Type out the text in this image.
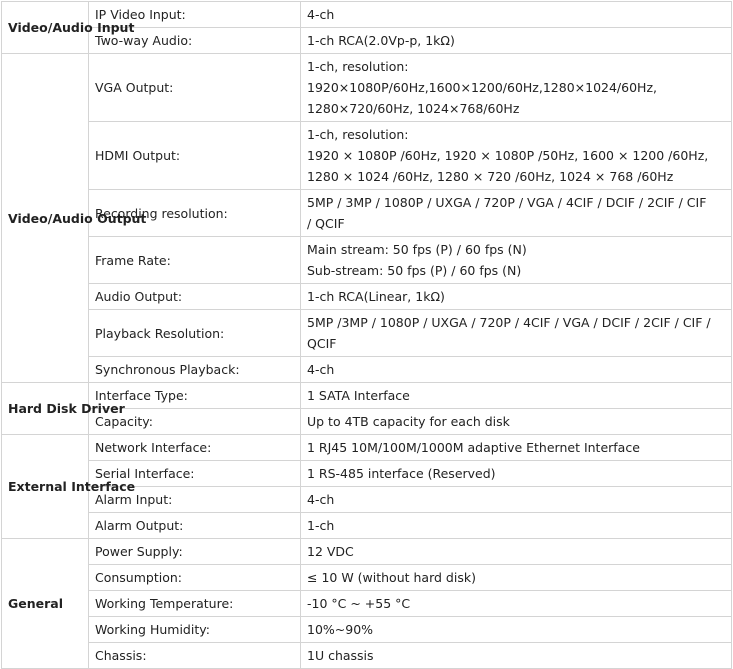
Video/Audio Input	IP Video Input:	4-ch

	Two-way Audio:	1-ch RCA(2.0Vp-p, 1kΩ)

Video/Audio Output	VGA Output:	1-ch, resolution:
1920×1080P/60Hz,1600×1200/60Hz,1280×1024/60Hz,
1280×720/60Hz, 1024×768/60Hz

	HDMI Output:	1-ch, resolution:
1920 × 1080P /60Hz, 1920 × 1080P /50Hz, 1600 × 1200 /60Hz,
1280 × 1024 /60Hz, 1280 × 720 /60Hz, 1024 × 768 /60Hz

	Recording resolution:	5MP / 3MP / 1080P / UXGA / 720P / VGA / 4CIF / DCIF / 2CIF / CIF
/ QCIF

	Frame Rate:	Main stream: 50 fps (P) / 60 fps (N)
Sub-stream: 50 fps (P) / 60 fps (N)

	Audio Output:	1-ch RCA(Linear, 1kΩ)

	Playback Resolution:	5MP /3MP / 1080P / UXGA / 720P / 4CIF / VGA / DCIF / 2CIF / CIF /
QCIF

	Synchronous Playback:	4-ch

Hard Disk Driver	Interface Type:	1 SATA Interface

	Capacity:	Up to 4TB capacity for each disk

External Interface	Network Interface:	1 RJ45 10M/100M/1000M adaptive Ethernet Interface

	Serial Interface:	1 RS-485 interface (Reserved)

	Alarm Input:	4-ch

	Alarm Output:	1-ch

General	Power Supply:	12 VDC

	Consumption:	≤ 10 W (without hard disk)

	Working Temperature:	-10 °C ~ +55 °C

	Working Humidity:	10%~90%

	Chassis:	1U chassis
